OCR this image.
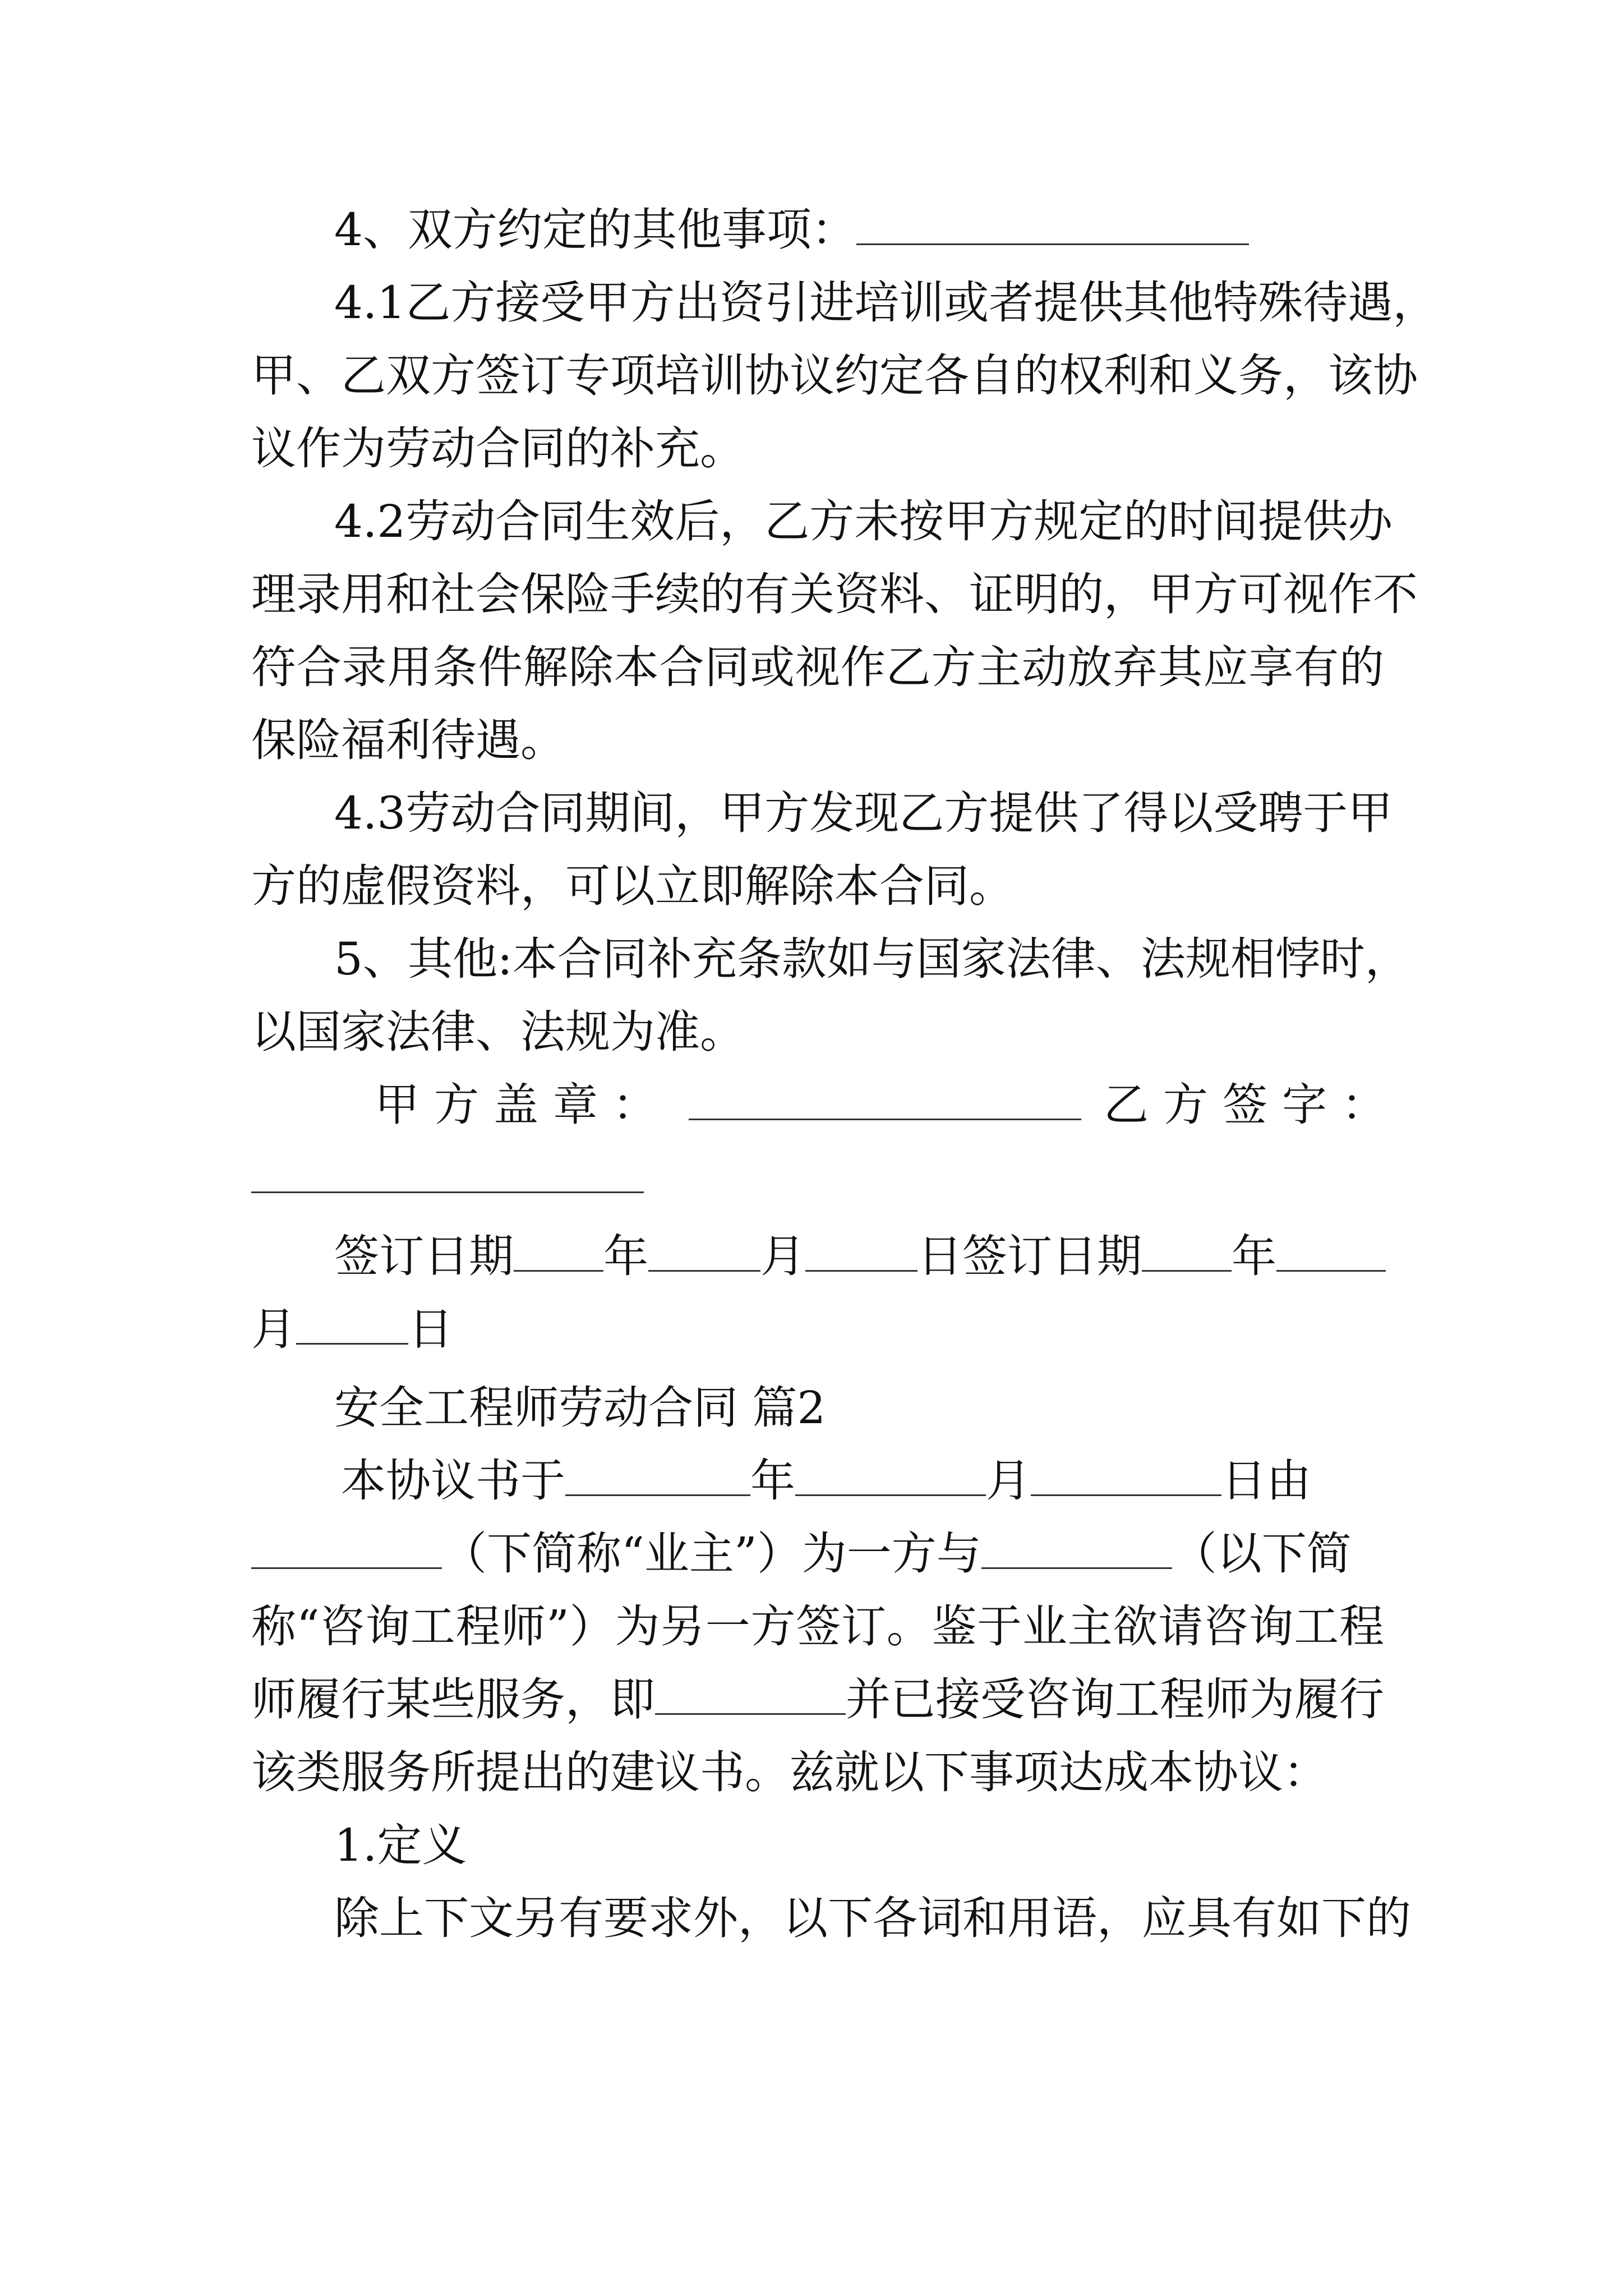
4、双方约定的其他事项：
4.1乙方接受甲方出资引进培训或者提供其他特殊待遇，
甲、乙双方签订专项培训协议约定各自的权利和义务，该协
议作为劳动合同的补充。
4.2劳动合同生效后，乙方未按甲方规定的时间提供办
理录用和社会保险手续的有关资料、证明的，甲方可视作不
符合录用条件解除本合同或视作乙方主动放弃其应享有的
保险福利待遇。
4.3劳动合同期间，甲方发现乙方提供了得以受聘于甲
方的虚假资料，可以立即解除本合同。
5、其他:本合同补充条款如与国家法律、法规相悖时，
以国家法律、法规为准。
甲方盖章：	乙方签字：
签订日期 年	月	日签订日期 年
月	日
安全工程师劳动合同 篇2
本协议书于	年	月	日由
（下简称“业主”）为一方与	（以下简
称“咨询工程师”）为另一方签订。鉴于业主欲请咨询工程
师履行某些服务，即	并已接受咨询工程师为履行
该类服务所提出的建议书。兹就以下事项达成本协议：
1.定义
除上下文另有要求外，以下各词和用语，应具有如下的
